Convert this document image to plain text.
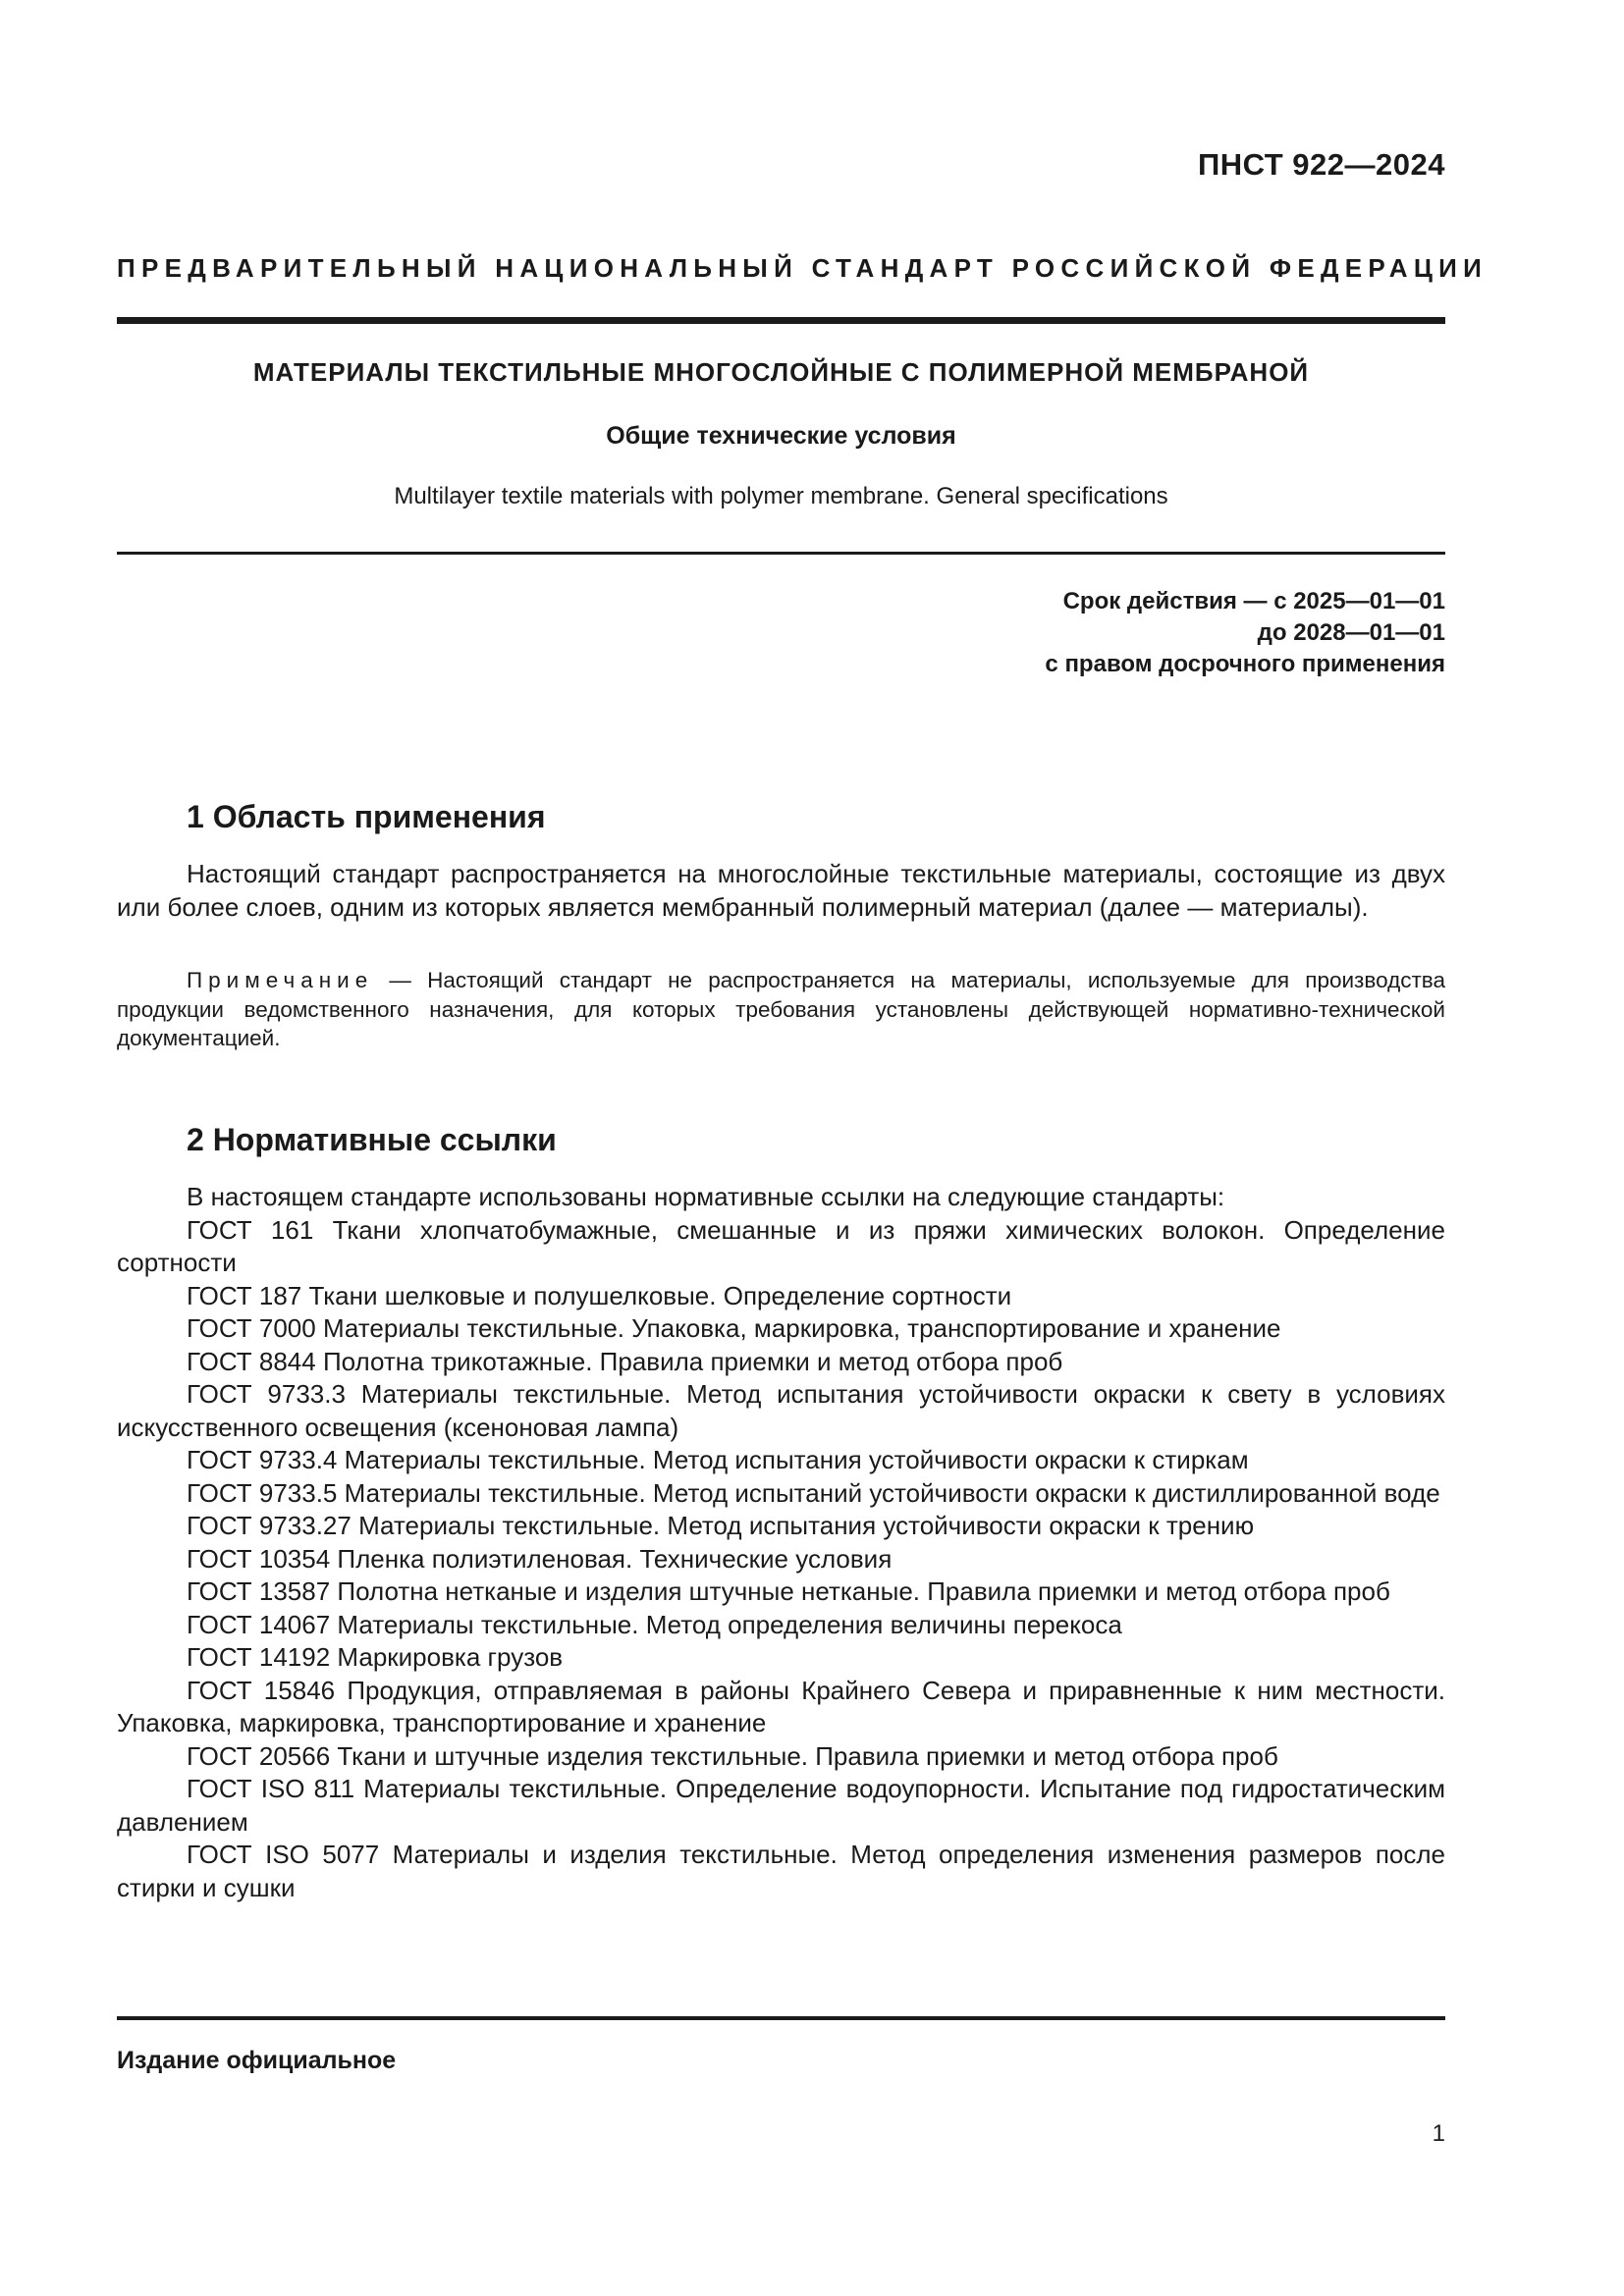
ПНСТ 922—2024
ПРЕДВАРИТЕЛЬНЫЙ НАЦИОНАЛЬНЫЙ СТАНДАРТ РОССИЙСКОЙ ФЕДЕРАЦИИ
МАТЕРИАЛЫ ТЕКСТИЛЬНЫЕ МНОГОСЛОЙНЫЕ С ПОЛИМЕРНОЙ МЕМБРАНОЙ
Общие технические условия
Multilayer textile materials with polymer membrane. General specifications
Срок действия — с 2025—01—01
до 2028—01—01
с правом досрочного применения
1 Область применения

Настоящий стандарт распространяется на многослойные текстильные материалы, состоящие из двух или более слоев, одним из которых является мембранный полимерный материал (далее — материалы).

Примечание — Настоящий стандарт не распространяется на материалы, используемые для производства продукции ведомственного назначения, для которых требования установлены действующей нормативно-технической документацией.
2 Нормативные ссылки

В настоящем стандарте использованы нормативные ссылки на следующие стандарты:

ГОСТ 161 Ткани хлопчатобумажные, смешанные и из пряжи химических волокон. Определение сортности

ГОСТ 187 Ткани шелковые и полушелковые. Определение сортности

ГОСТ 7000 Материалы текстильные. Упаковка, маркировка, транспортирование и хранение

ГОСТ 8844 Полотна трикотажные. Правила приемки и метод отбора проб

ГОСТ 9733.3 Материалы текстильные. Метод испытания устойчивости окраски к свету в условиях искусственного освещения (ксеноновая лампа)

ГОСТ 9733.4 Материалы текстильные. Метод испытания устойчивости окраски к стиркам

ГОСТ 9733.5 Материалы текстильные. Метод испытаний устойчивости окраски к дистиллированной воде

ГОСТ 9733.27 Материалы текстильные. Метод испытания устойчивости окраски к трению

ГОСТ 10354 Пленка полиэтиленовая. Технические условия

ГОСТ 13587 Полотна нетканые и изделия штучные нетканые. Правила приемки и метод отбора проб

ГОСТ 14067 Материалы текстильные. Метод определения величины перекоса

ГОСТ 14192 Маркировка грузов

ГОСТ 15846 Продукция, отправляемая в районы Крайнего Севера и приравненные к ним местности. Упаковка, маркировка, транспортирование и хранение

ГОСТ 20566 Ткани и штучные изделия текстильные. Правила приемки и метод отбора проб

ГОСТ ISO 811 Материалы текстильные. Определение водоупорности. Испытание под гидростатическим давлением

ГОСТ ISO 5077 Материалы и изделия текстильные. Метод определения изменения размеров после стирки и сушки

Издание официальное
1
